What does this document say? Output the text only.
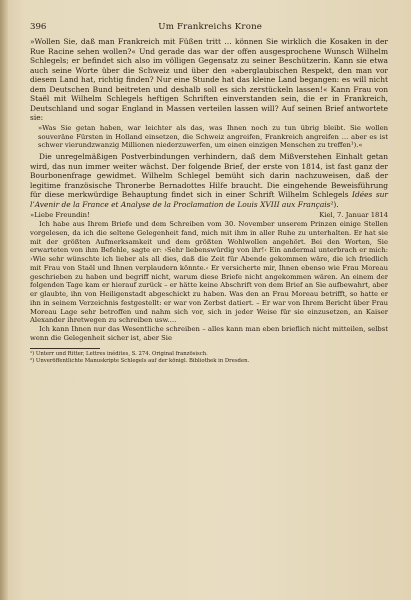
396	Um Frankreichs Krone

»Wollen Sie, daß man Frankreich mit Füßen tritt … können Sie wirklich die Kosaken in der Rue Racine sehen wollen?« Und gerade das war der offen ausgesprochene Wunsch Wilhelm Schlegels; er befindet sich also im völligen Gegensatz zu seiner Beschützerin. Kann sie etwa auch seine Worte über die Schweiz und über den »aberglaubischen Respekt, den man vor diesem Land hat, richtig finden? Nur eine Stunde hat das kleine Land begangen: es will nicht dem Deutschen Bund beitreten und deshalb soll es sich zerstückeln lassen!« Kann Frau von Staël mit Wilhelm Schlegels heftigen Schriften einverstanden sein, die er in Frankreich, Deutschland und sogar England in Massen verteilen lassen will? Auf seinen Brief antwortete sie:

»Was Sie getan haben, war leichter als das, was Ihnen noch zu tun übrig bleibt. Sie wollen souveräne Fürsten in Holland einsetzen, die Schweiz angreifen, Frankreich angreifen … aber es ist schwer vierundzwanzig Millionen niederzuwerfen, um einen einzigen Menschen zu treffen¹).«

Die unregelmäßigen Postverbindungen verhindern, daß dem Mißverstehen Einhalt getan wird, das nun immer weiter wächst. Der folgende Brief, der erste von 1814, ist fast ganz der Bourbonenfrage gewidmet. Wilhelm Schlegel bemüht sich darin nachzuweisen, daß der legitime französische Thronerbe Bernadottes Hilfe braucht. Die eingehende Beweisführung für diese merkwürdige Behauptung findet sich in einer Schrift Wilhelm Schlegels Idées sur l’Avenir de la France et Analyse de la Proclamation de Louis XVIII aux Français²).

»Liebe Freundin!	Kiel, 7. Januar 1814

Ich habe aus Ihrem Briefe und dem Schreiben vom 30. November unserem Prinzen einige Stellen vorgelesen, da ich die seltene Gelegenheit fand, mich mit ihm in aller Ruhe zu unterhalten. Er hat sie mit der größten Aufmerksamkeit und dem größten Wohlwollen angehört. Bei den Worten, Sie erwarteten von ihm Befehle, sagte er: ›Sehr liebenswürdig von ihr!‹ Ein andermal unterbrach er mich: ›Wie sehr wünschte ich lieber als all dies, daß die Zeit für Abende gekommen wäre, die ich friedlich mit Frau von Staël und Ihnen verplaudern könnte.‹ Er versicherte mir, Ihnen ebenso wie Frau Moreau geschrieben zu haben und begriff nicht, warum diese Briefe nicht angekommen wären. An einem der folgenden Tage kam er hierauf zurück – er hätte keine Abschrift von dem Brief an Sie aufbewahrt, aber er glaubte, ihn von Heiligenstadt abgeschickt zu haben. Was den an Frau Moreau betrifft, so hatte er ihn in seinem Verzeichnis festgestellt: er war von Zerbst datiert. – Er war von Ihrem Bericht über Frau Moreau Lage sehr betroffen und nahm sich vor, sich in jeder Weise für sie einzusetzen, an Kaiser Alexander ihretwegen zu schreiben usw.…

Ich kann Ihnen nur das Wesentliche schreiben – alles kann man eben brieflich nicht mitteilen, selbst wenn die Gelegenheit sicher ist, aber Sie

¹) Unterr und Ritter, Lettres inédites, S. 274. Original französisch.

²) Unveröffentlichte Manuskripte Schlegels auf der königl. Bibliothek in Dresden.
